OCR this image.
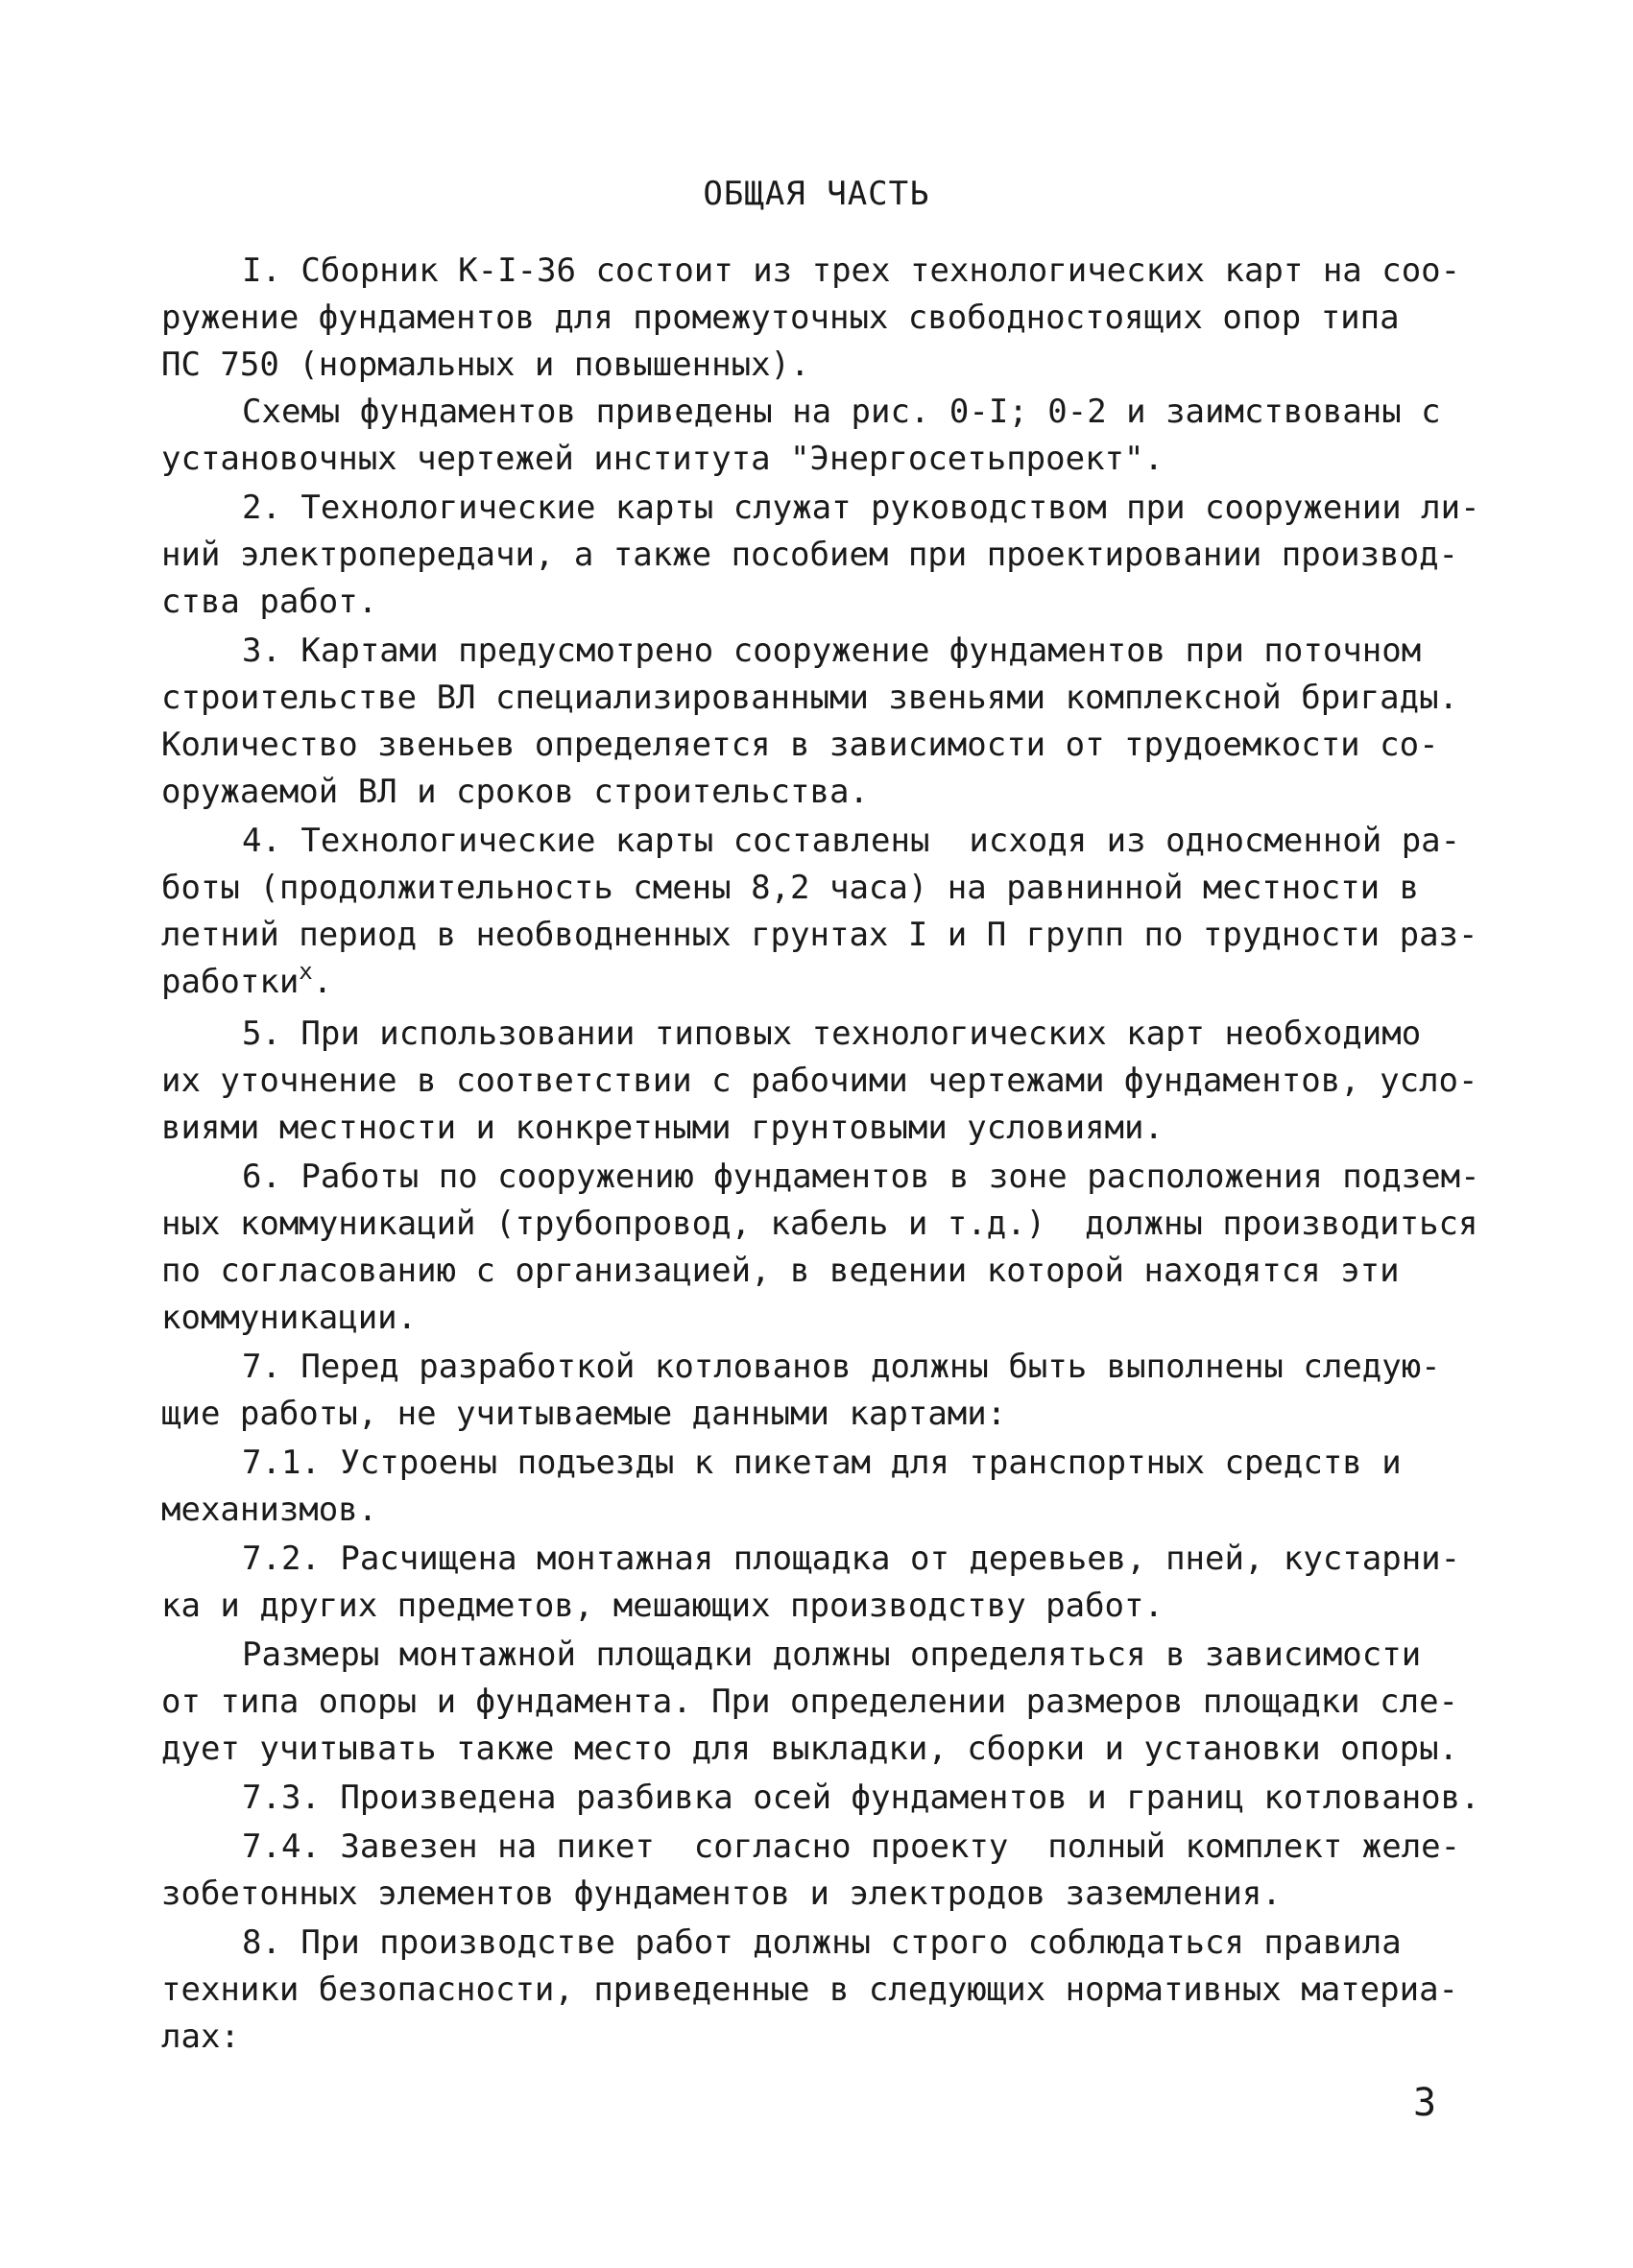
ОБЩАЯ ЧАСТЬ
I. Сборник К-I-36 состоит из трех технологических карт на соо-
ружение фундаментов для промежуточных свободностоящих опор типа
ПС 750 (нормальных и повышенных).
Схемы фундаментов приведены на рис. 0-I; 0-2 и заимствованы с
установочных чертежей института "Энергосетьпроект".
2. Технологические карты служат руководством при сооружении ли-
ний электропередачи, а также пособием при проектировании производ-
ства работ.
3. Картами предусмотрено сооружение фундаментов при поточном
строительстве ВЛ специализированными звеньями комплексной бригады.
Количество звеньев определяется в зависимости от трудоемкости со-
оружаемой ВЛ и сроков строительства.
4. Технологические карты составлены  исходя из односменной ра-
боты (продолжительность смены 8,2 часа) на равнинной местности в
летний период в необводненных грунтах I и П групп по трудности раз-
работки$^х$.
5. При использовании типовых технологических карт необходимо
их уточнение в соответствии с рабочими чертежами фундаментов, усло-
виями местности и конкретными грунтовыми условиями.
6. Работы по сооружению фундаментов в зоне расположения подзем-
ных коммуникаций (трубопровод, кабель и т.д.)  должны производиться
по согласованию с организацией, в ведении которой находятся эти
коммуникации.
7. Перед разработкой котлованов должны быть выполнены следую-
щие работы, не учитываемые данными картами:
7.1. Устроены подъезды к пикетам для транспортных средств и
механизмов.
7.2. Расчищена монтажная площадка от деревьев, пней, кустарни-
ка и других предметов, мешающих производству работ.
Размеры монтажной площадки должны определяться в зависимости
от типа опоры и фундамента. При определении размеров площадки сле-
дует учитывать также место для выкладки, сборки и установки опоры.
7.3. Произведена разбивка осей фундаментов и границ котлованов.
7.4. Завезен на пикет  согласно проекту  полный комплект желе-
зобетонных элементов фундаментов и электродов заземления.
8. При производстве работ должны строго соблюдаться правила
техники безопасности, приведенные в следующих нормативных материа-
лах:

3
